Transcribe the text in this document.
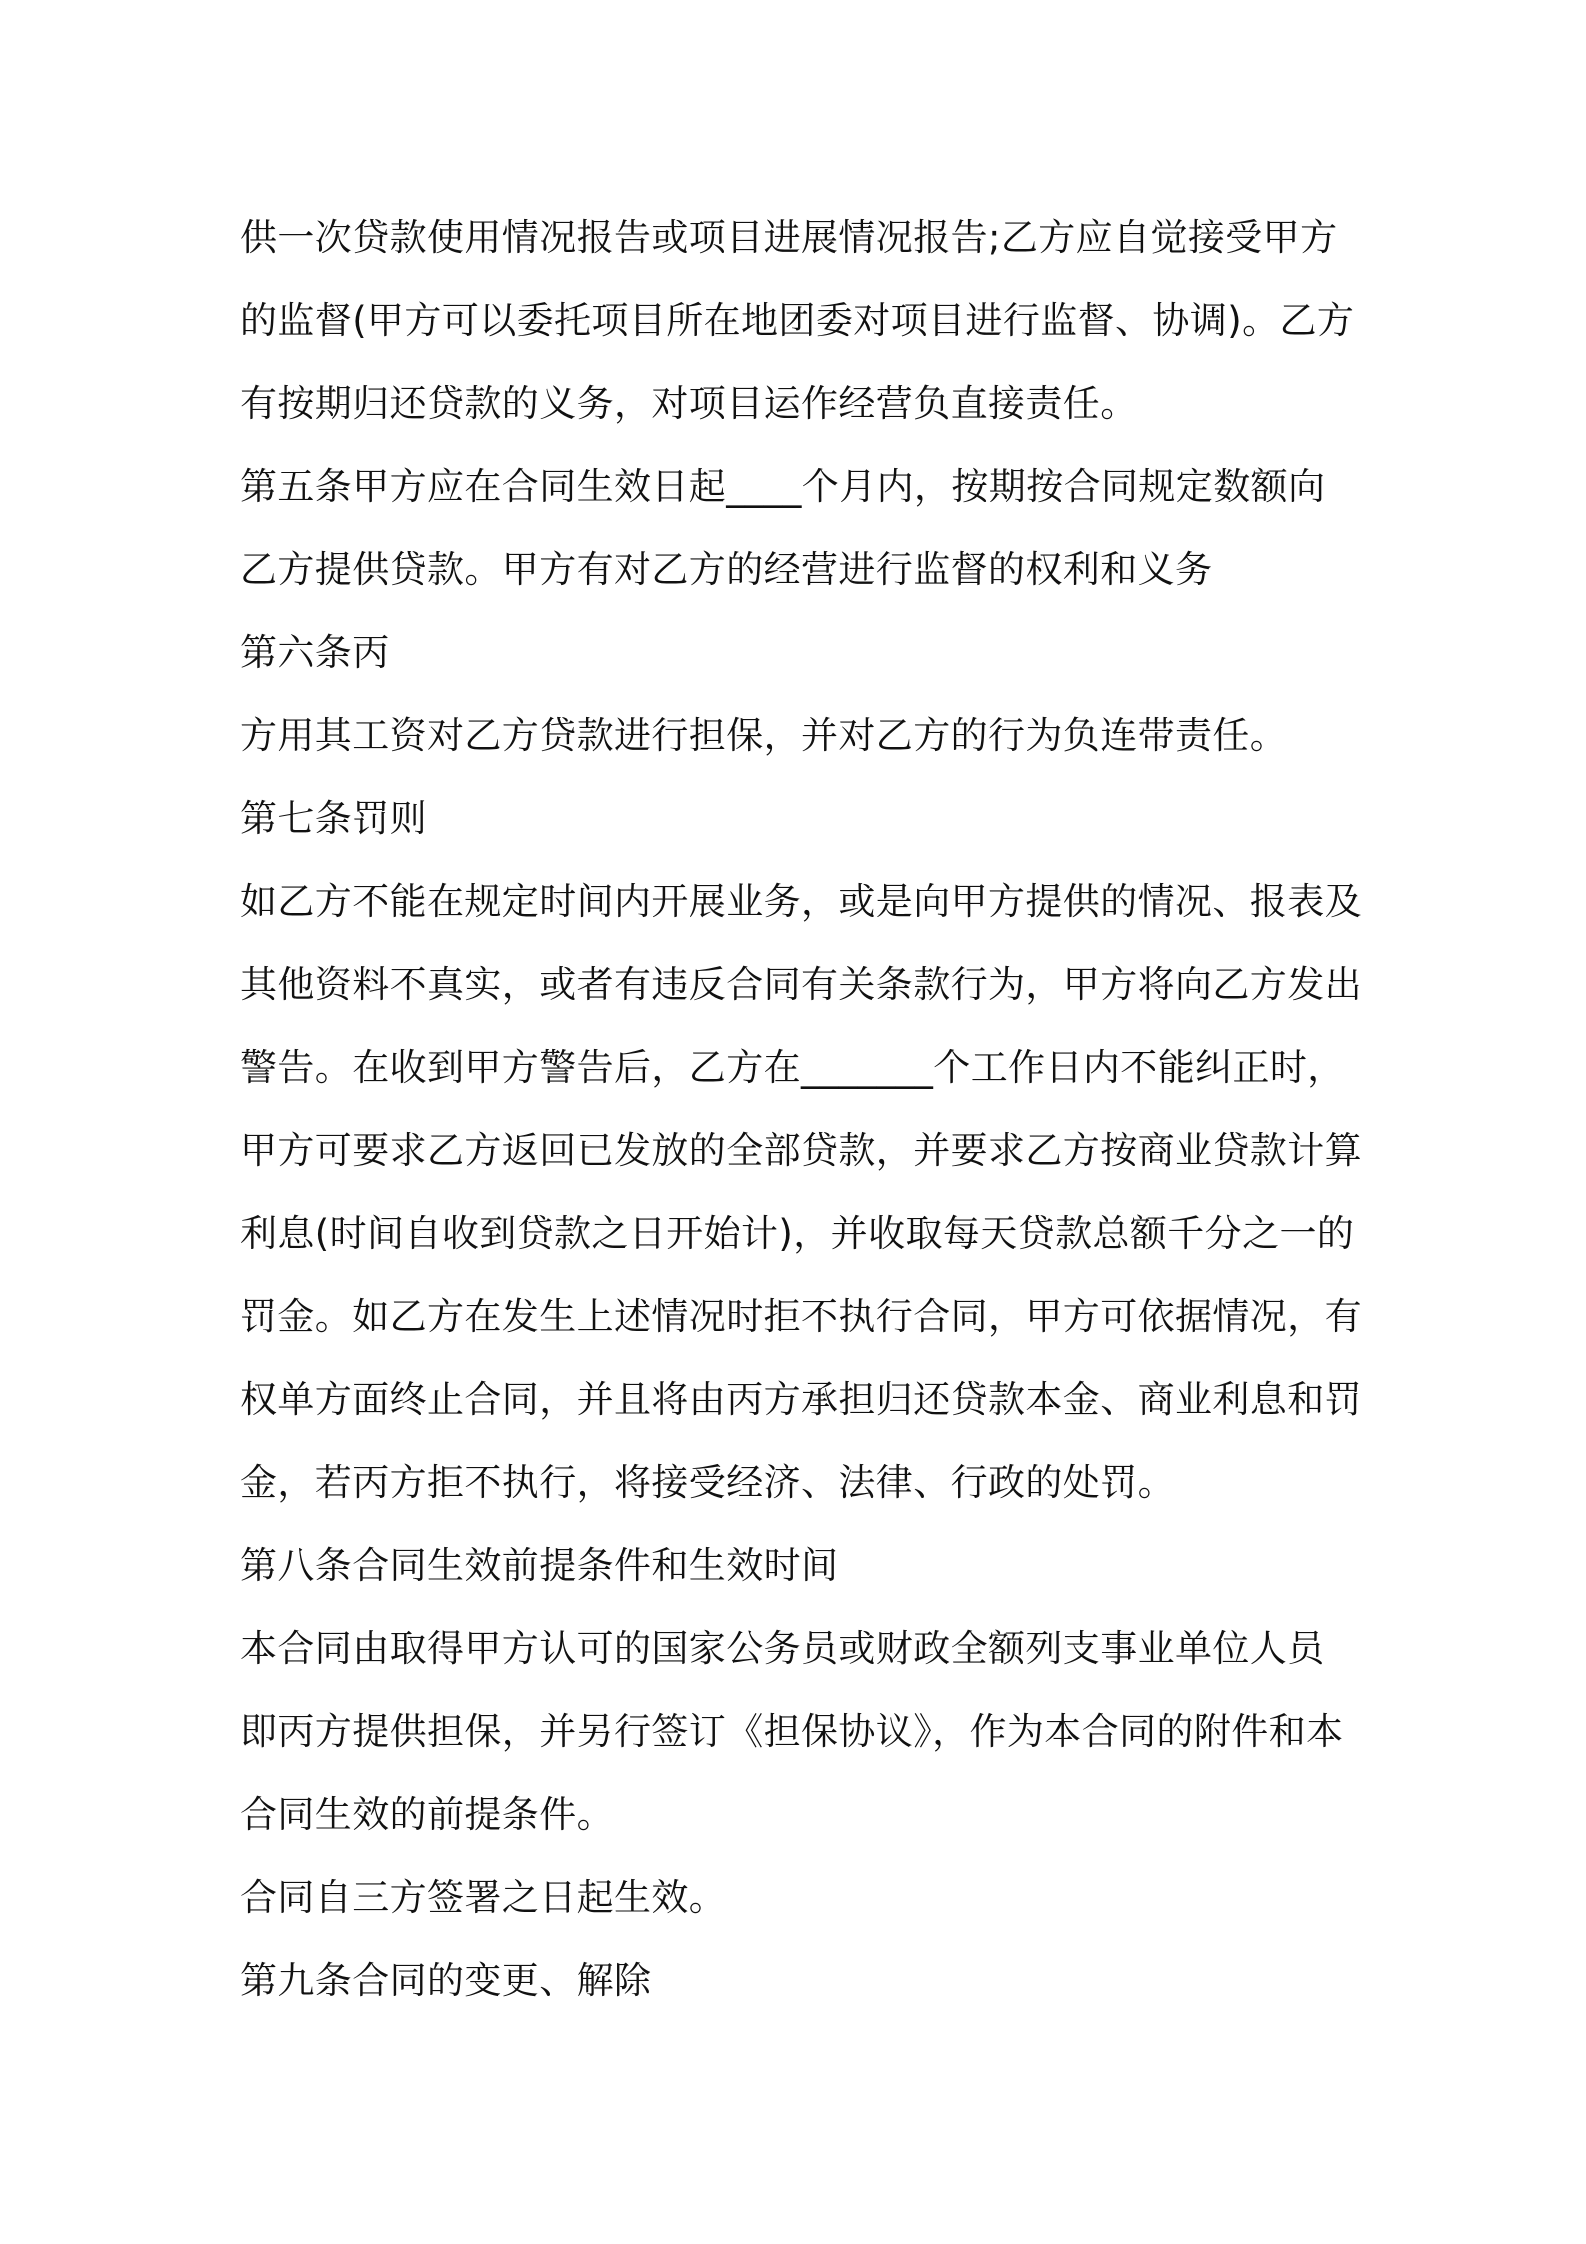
供一次贷款使用情况报告或项目进展情况报告;乙方应自觉接受甲方
的监督(甲方可以委托项目所在地团委对项目进行监督、协调)。乙方
有按期归还贷款的义务，对项目运作经营负直接责任。
第五条甲方应在合同生效日起____个月内，按期按合同规定数额向
乙方提供贷款。甲方有对乙方的经营进行监督的权利和义务
第六条丙
方用其工资对乙方贷款进行担保，并对乙方的行为负连带责任。
第七条罚则
如乙方不能在规定时间内开展业务，或是向甲方提供的情况、报表及
其他资料不真实，或者有违反合同有关条款行为，甲方将向乙方发出
警告。在收到甲方警告后，乙方在_______个工作日内不能纠正时，
甲方可要求乙方返回已发放的全部贷款，并要求乙方按商业贷款计算
利息(时间自收到贷款之日开始计)，并收取每天贷款总额千分之一的
罚金。如乙方在发生上述情况时拒不执行合同，甲方可依据情况，有
权单方面终止合同，并且将由丙方承担归还贷款本金、商业利息和罚
金，若丙方拒不执行，将接受经济、法律、行政的处罚。
第八条合同生效前提条件和生效时间
本合同由取得甲方认可的国家公务员或财政全额列支事业单位人员
即丙方提供担保，并另行签订《担保协议》，作为本合同的附件和本
合同生效的前提条件。
合同自三方签署之日起生效。
第九条合同的变更、解除
